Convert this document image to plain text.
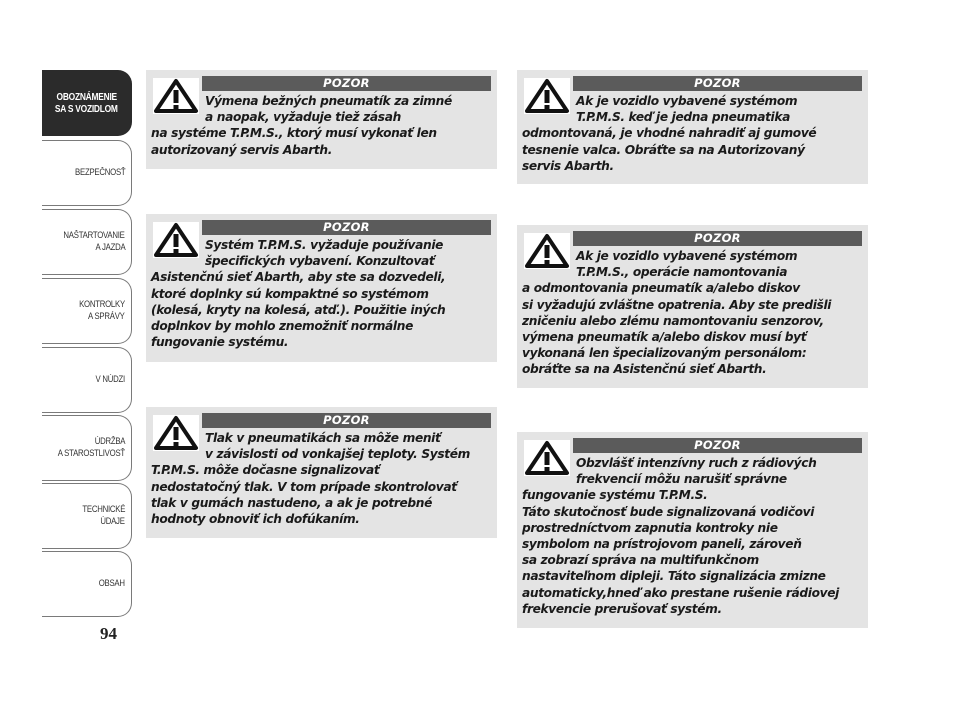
OBOZNÁMENIE
SA S VOZIDLOM
BEZPEČNOSŤ
NAŠTARTOVANIE
A JAZDA
KONTROLKY
A SPRÁVY
V NÚDZI
ÚDRŽBA
A STAROSTLIVOSŤ
TECHNICKÉ
ÚDAJE
OBSAH
94
POZOR
Výmena bežných pneumatík za zimné
a naopak, vyžaduje tiež zásah
na systéme T.P.M.S., ktorý musí vykonať len
autorizovaný servis Abarth.
POZOR
Systém T.P.M.S. vyžaduje používanie
špecifických vybavení. Konzultovať
Asistenčnú sieť Abarth, aby ste sa dozvedeli,
ktoré doplnky sú kompaktné so systémom
(kolesá, kryty na kolesá, atď.). Použitie iných
doplnkov by mohlo znemožniť normálne
fungovanie systému.
POZOR
Tlak v pneumatikách sa môže meniť
v závislosti od vonkajšej teploty. Systém
T.P.M.S. môže dočasne signalizovať
nedostatočný tlak. V tom prípade skontrolovať
tlak v gumách nastudeno, a ak je potrebné
hodnoty obnoviť ich dofúkaním.
POZOR
Ak je vozidlo vybavené systémom
T.P.M.S. keď je jedna pneumatika
odmontovaná, je vhodné nahradiť aj gumové
tesnenie valca. Obráťte sa na Autorizovaný
servis Abarth.
POZOR
Ak je vozidlo vybavené systémom
T.P.M.S., operácie namontovania
a odmontovania pneumatík a/alebo diskov
si vyžadujú zvláštne opatrenia. Aby ste predišli
zničeniu alebo zlému namontovaniu senzorov,
výmena pneumatík a/alebo diskov musí byť
vykonaná len špecializovaným personálom:
obráťte sa na Asistenčnú sieť Abarth.
POZOR
Obzvlášť intenzívny ruch z rádiových
frekvencií môžu narušiť správne
fungovanie systému T.P.M.S.
Táto skutočnosť bude signalizovaná vodičovi
prostredníctvom zapnutia kontroky nie
symbolom na prístrojovom paneli, zároveň
sa zobrazí správa na multifunkčnom
nastaviteľnom dipleji. Táto signalizácia zmizne
automaticky,hneď ako prestane rušenie rádiovej
frekvencie prerušovať systém.
